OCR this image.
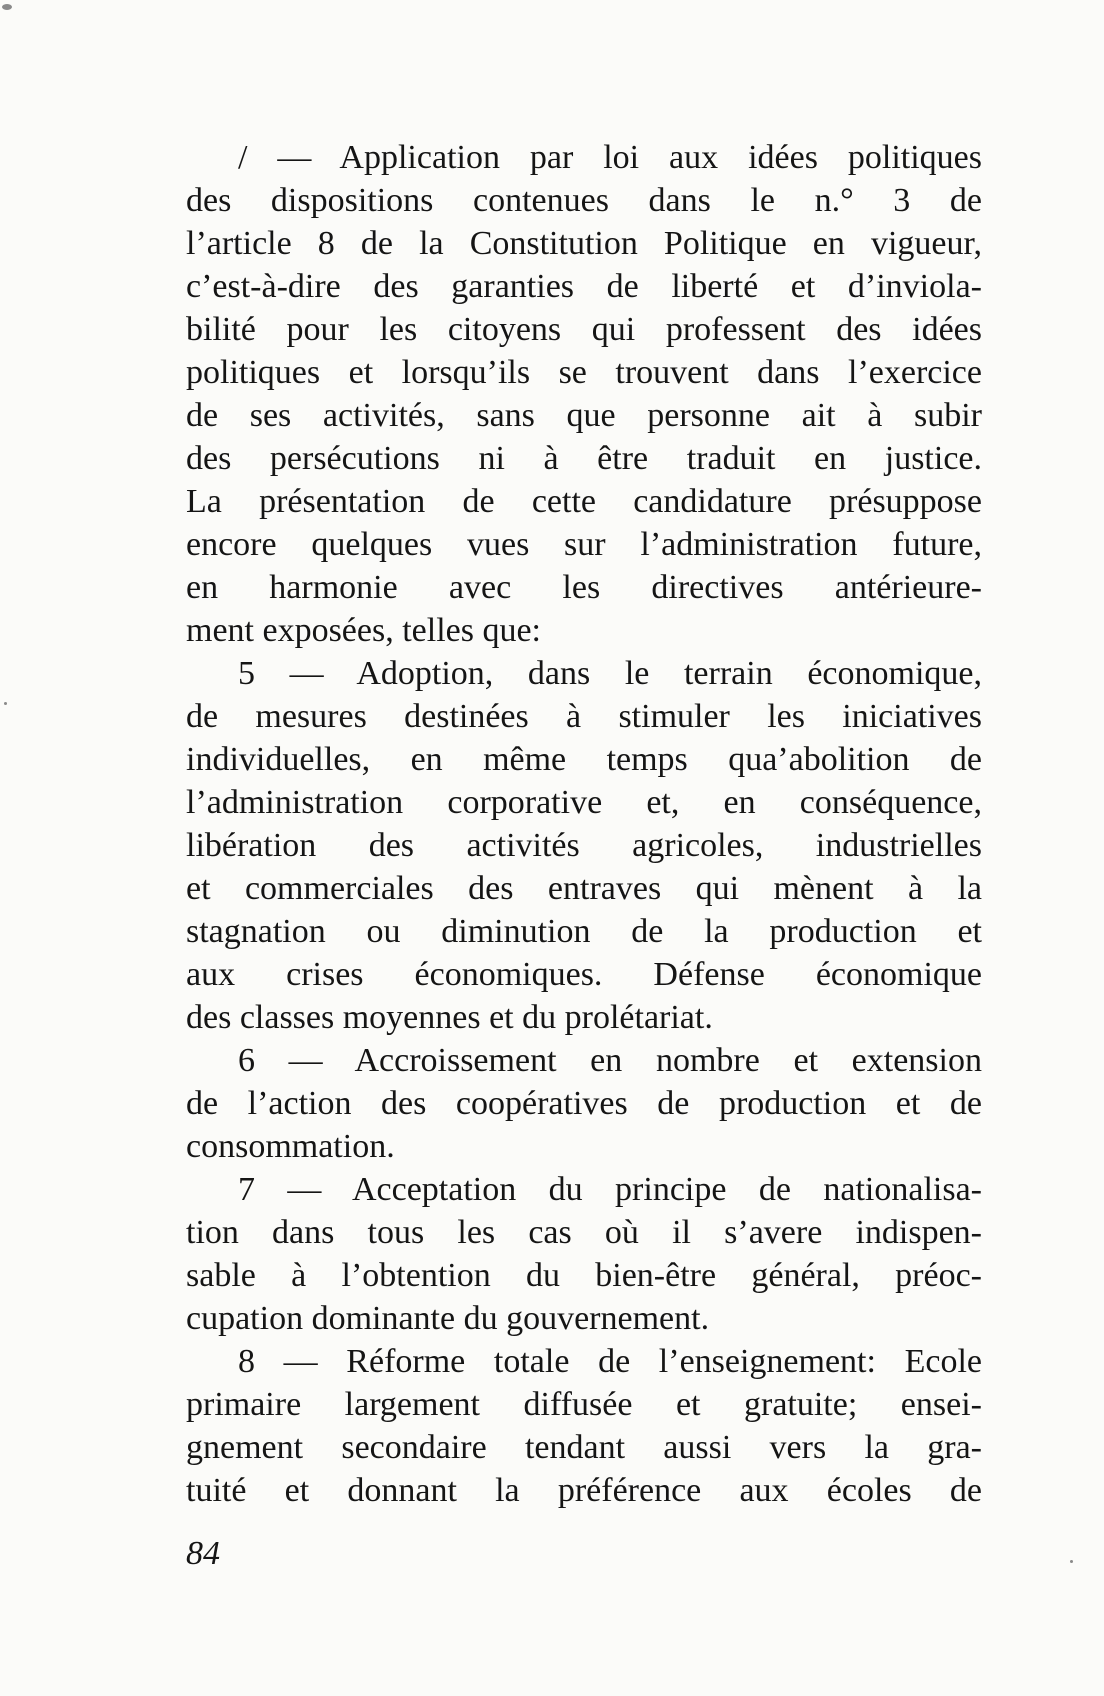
/ — Application par loi aux idées politiques
des dispositions contenues dans le n.° 3 de
l’article 8 de la Constitution Politique en vigueur,
c’est-à-dire des garanties de liberté et d’inviola-
bilité pour les citoyens qui professent des idées
politiques et lorsqu’ils se trouvent dans l’exercice
de ses activités, sans que personne ait à subir
des persécutions ni à être traduit en justice.
La présentation de cette candidature présuppose
encore quelques vues sur l’administration future,
en harmonie avec les directives antérieure-
ment exposées, telles que:
5 — Adoption, dans le terrain économique,
de mesures destinées à stimuler les iniciatives
individuelles, en même temps qua’abolition de
l’administration corporative et, en conséquence,
libération des activités agricoles, industrielles
et commerciales des entraves qui mènent à la
stagnation ou diminution de la production et
aux crises économiques. Défense économique
des classes moyennes et du prolétariat.
6 — Accroissement en nombre et extension
de l’action des coopératives de production et de
consommation.
7 — Acceptation du principe de nationalisa-
tion dans tous les cas où il s’avere indispen-
sable à l’obtention du bien-être général, préoc-
cupation dominante du gouvernement.
8 — Réforme totale de l’enseignement: Ecole
primaire largement diffusée et gratuite; ensei-
gnement secondaire tendant aussi vers la gra-
tuité et donnant la préférence aux écoles de
84
